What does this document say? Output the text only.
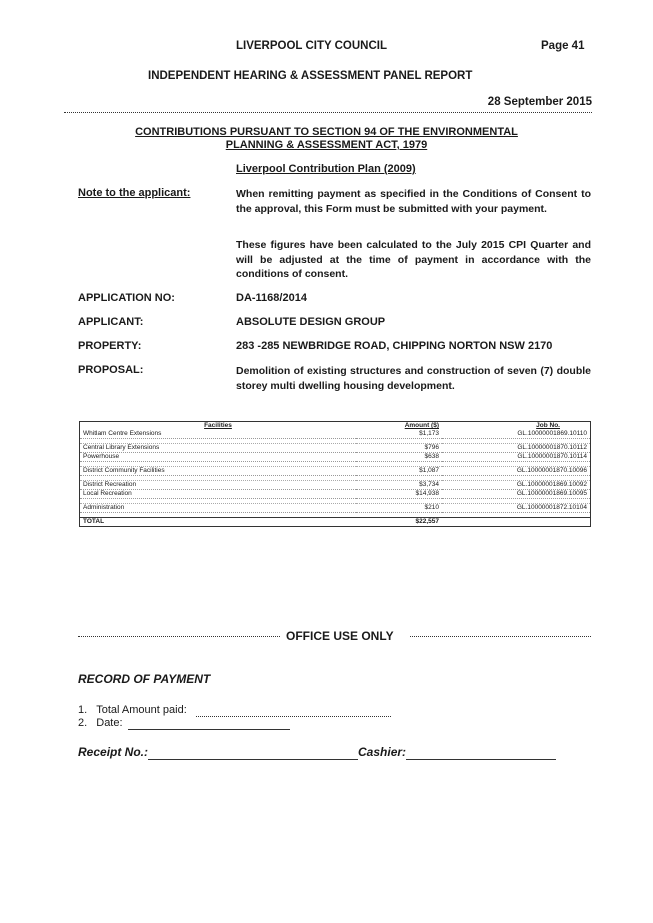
LIVERPOOL CITY COUNCIL	Page 41
INDEPENDENT HEARING & ASSESSMENT PANEL REPORT
28 September 2015
CONTRIBUTIONS PURSUANT TO SECTION 94 OF THE ENVIRONMENTAL
PLANNING & ASSESSMENT ACT, 1979
Liverpool Contribution Plan (2009)
Note to the applicant:	When remitting payment as specified in the Conditions of Consent to the approval, this Form must be submitted with your payment.
These figures have been calculated to the July 2015 CPI Quarter and will be adjusted at the time of payment in accordance with the conditions of consent.
APPLICATION NO:	DA-1168/2014
APPLICANT:	ABSOLUTE DESIGN GROUP
PROPERTY:	283 -285 NEWBRIDGE ROAD, CHIPPING NORTON NSW 2170
PROPOSAL:	Demolition of existing structures and construction of seven (7) double storey multi dwelling housing development.
Facilities	Amount ($)	Job No.
Whitlam Centre Extensions	$1,173	GL.10000001869.10110

Central Library Extensions	$796	GL.10000001870.10112
Powerhouse	$638	GL.10000001870.10114

District Community Facilities	$1,087	GL.10000001870.10096

District Recreation	$3,734	GL.10000001869.10092
Local Recreation	$14,938	GL.10000001869.10095

Administration	$210	GL.10000001872.10104

TOTAL	$22,557	
OFFICE USE ONLY
RECORD OF PAYMENT
1. Total Amount paid:
2. Date:
Receipt No.:	Cashier:
